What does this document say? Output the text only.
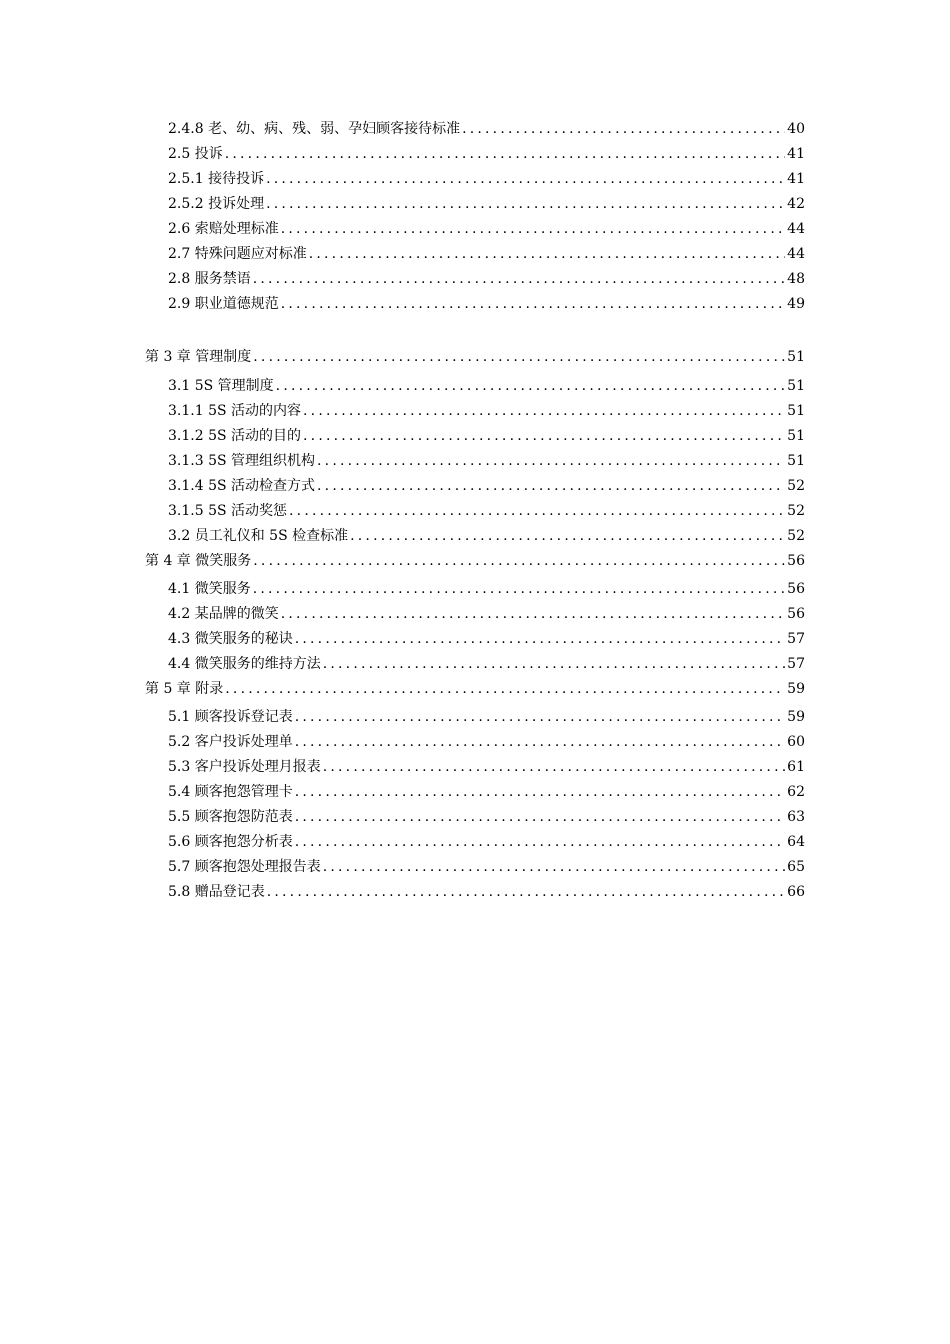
2.4.8 老、幼、病、残、弱、孕妇顾客接待标准 .....	40
2.5 投诉 .....	41
2.5.1 接待投诉 .....	41
2.5.2 投诉处理 .....	42
2.6 索赔处理标准 .....	44
2.7 特殊问题应对标准 .....	44
2.8 服务禁语 .....	48
2.9 职业道德规范 .....	49
第 3 章 管理制度 .....	51
3.1 5S 管理制度 .....	51
3.1.1 5S 活动的内容 .....	51
3.1.2 5S 活动的目的 .....	51
3.1.3 5S 管理组织机构 .....	51
3.1.4 5S 活动检查方式 .....	52
3.1.5 5S 活动奖惩 .....	52
3.2 员工礼仪和 5S 检查标准 .....	52
第 4 章 微笑服务 .....	56
4.1 微笑服务 .....	56
4.2 某品牌的微笑 .....	56
4.3 微笑服务的秘诀 .....	57
4.4 微笑服务的维持方法 .....	57
第 5 章 附录 .....	59
5.1 顾客投诉登记表 .....	59
5.2 客户投诉处理单 .....	60
5.3 客户投诉处理月报表 .....	61
5.4 顾客抱怨管理卡 .....	62
5.5 顾客抱怨防范表 .....	63
5.6 顾客抱怨分析表 .....	64
5.7 顾客抱怨处理报告表 .....	65
5.8 赠品登记表 .....	66
